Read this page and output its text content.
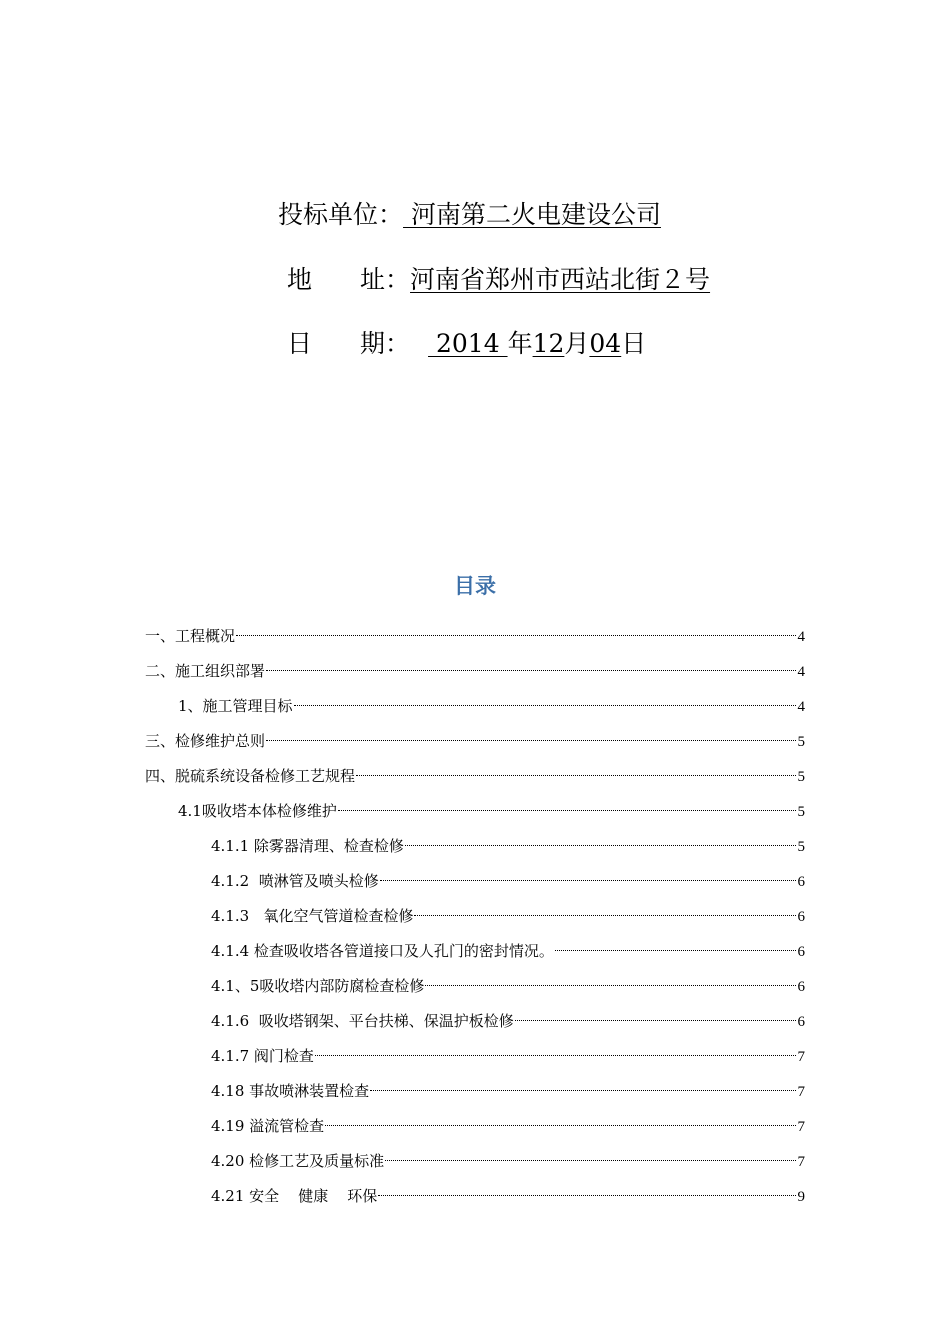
投标单位： 河南第二火电建设公司
地 址：河南省郑州市西站北街２号
日 期： 2014 年12月04日
目录
一、工程概况	4
二、施工组织部署	4
1、施工管理目标	4
三、检修维护总则	5
四、脱硫系统设备检修工艺规程	5
4.1吸收塔本体检修维护	5
4.1.1 除雾器清理、检查检修	5
4.1.2  喷淋管及喷头检修	6
4.1.3   氧化空气管道检查检修	6
4.1.4 检查吸收塔各管道接口及人孔门的密封情况。	6
4.1、5吸收塔内部防腐检查检修	6
4.1.6  吸收塔钢架、平台扶梯、保温护板检修	6
4.1.7 阀门检查	7
4.18 事故喷淋装置检查	7
4.19 溢流管检查	7
4.20 检修工艺及质量标准	7
4.21 安全    健康    环保	9
